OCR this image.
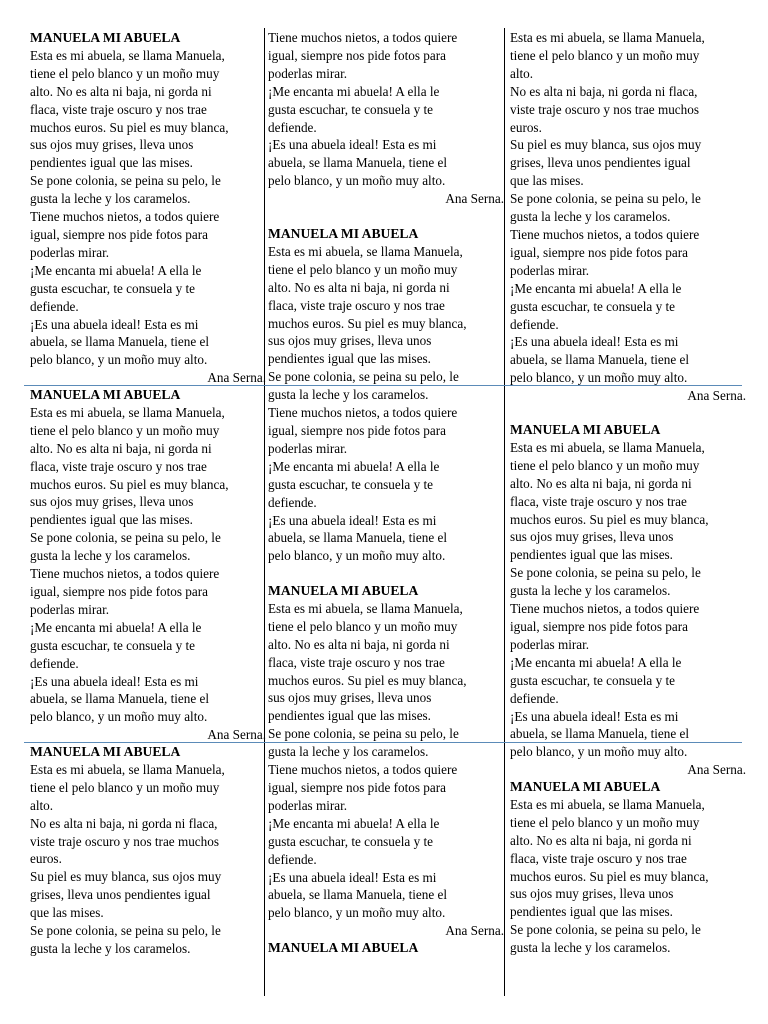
MANUELA MI ABUELA
Esta es mi abuela, se llama Manuela,
tiene el pelo blanco y un moño muy
alto. No es alta ni baja, ni gorda ni
flaca, viste traje oscuro y nos trae
muchos euros. Su piel es muy blanca,
sus ojos muy grises, lleva unos
pendientes igual que las mises.
Se pone colonia, se peina su pelo, le
gusta la leche y los caramelos.
Tiene muchos nietos, a todos quiere
igual, siempre nos pide fotos para
poderlas mirar.
¡Me encanta mi abuela! A ella le
gusta escuchar, te consuela y te
defiende.
¡Es una abuela ideal! Esta es mi
abuela, se llama Manuela, tiene el
pelo blanco, y un moño muy alto.
Ana Serna.
MANUELA MI ABUELA
Esta es mi abuela, se llama Manuela,
tiene el pelo blanco y un moño muy
alto. No es alta ni baja, ni gorda ni
flaca, viste traje oscuro y nos trae
muchos euros. Su piel es muy blanca,
sus ojos muy grises, lleva unos
pendientes igual que las mises.
Se pone colonia, se peina su pelo, le
gusta la leche y los caramelos.
Tiene muchos nietos, a todos quiere
igual, siempre nos pide fotos para
poderlas mirar.
¡Me encanta mi abuela! A ella le
gusta escuchar, te consuela y te
defiende.
¡Es una abuela ideal! Esta es mi
abuela, se llama Manuela, tiene el
pelo blanco, y un moño muy alto.
Ana Serna.
MANUELA MI ABUELA
Esta es mi abuela, se llama Manuela,
tiene el pelo blanco y un moño muy
alto.
No es alta ni baja, ni gorda ni flaca,
viste traje oscuro y nos trae muchos
euros.
Su piel es muy blanca, sus ojos muy
grises, lleva unos pendientes igual
que las mises.
Se pone colonia, se peina su pelo, le
gusta la leche y los caramelos.
Tiene muchos nietos, a todos quiere
igual, siempre nos pide fotos para
poderlas mirar.
¡Me encanta mi abuela! A ella le
gusta escuchar, te consuela y te
defiende.
¡Es una abuela ideal! Esta es mi
abuela, se llama Manuela, tiene el
pelo blanco, y un moño muy alto.
Ana Serna.
MANUELA MI ABUELA
Esta es mi abuela, se llama Manuela,
tiene el pelo blanco y un moño muy
alto. No es alta ni baja, ni gorda ni
flaca, viste traje oscuro y nos trae
muchos euros. Su piel es muy blanca,
sus ojos muy grises, lleva unos
pendientes igual que las mises.
Se pone colonia, se peina su pelo, le
gusta la leche y los caramelos.
Tiene muchos nietos, a todos quiere
igual, siempre nos pide fotos para
poderlas mirar.
¡Me encanta mi abuela! A ella le
gusta escuchar, te consuela y te
defiende.
¡Es una abuela ideal! Esta es mi
abuela, se llama Manuela, tiene el
pelo blanco, y un moño muy alto.
MANUELA MI ABUELA
Esta es mi abuela, se llama Manuela,
tiene el pelo blanco y un moño muy
alto. No es alta ni baja, ni gorda ni
flaca, viste traje oscuro y nos trae
muchos euros. Su piel es muy blanca,
sus ojos muy grises, lleva unos
pendientes igual que las mises.
Se pone colonia, se peina su pelo, le
gusta la leche y los caramelos.
Tiene muchos nietos, a todos quiere
igual, siempre nos pide fotos para
poderlas mirar.
¡Me encanta mi abuela! A ella le
gusta escuchar, te consuela y te
defiende.
¡Es una abuela ideal! Esta es mi
abuela, se llama Manuela, tiene el
pelo blanco, y un moño muy alto.
Ana Serna.
MANUELA MI ABUELA
Esta es mi abuela, se llama Manuela,
tiene el pelo blanco y un moño muy
alto.
No es alta ni baja, ni gorda ni flaca,
viste traje oscuro y nos trae muchos
euros.
Su piel es muy blanca, sus ojos muy
grises, lleva unos pendientes igual
que las mises.
Se pone colonia, se peina su pelo, le
gusta la leche y los caramelos.
Tiene muchos nietos, a todos quiere
igual, siempre nos pide fotos para
poderlas mirar.
¡Me encanta mi abuela! A ella le
gusta escuchar, te consuela y te
defiende.
¡Es una abuela ideal! Esta es mi
abuela, se llama Manuela, tiene el
pelo blanco, y un moño muy alto.
Ana Serna.
MANUELA MI ABUELA
Esta es mi abuela, se llama Manuela,
tiene el pelo blanco y un moño muy
alto. No es alta ni baja, ni gorda ni
flaca, viste traje oscuro y nos trae
muchos euros. Su piel es muy blanca,
sus ojos muy grises, lleva unos
pendientes igual que las mises.
Se pone colonia, se peina su pelo, le
gusta la leche y los caramelos.
Tiene muchos nietos, a todos quiere
igual, siempre nos pide fotos para
poderlas mirar.
¡Me encanta mi abuela! A ella le
gusta escuchar, te consuela y te
defiende.
¡Es una abuela ideal! Esta es mi
abuela, se llama Manuela, tiene el
pelo blanco, y un moño muy alto.
Ana Serna.
MANUELA MI ABUELA
Esta es mi abuela, se llama Manuela,
tiene el pelo blanco y un moño muy
alto. No es alta ni baja, ni gorda ni
flaca, viste traje oscuro y nos trae
muchos euros. Su piel es muy blanca,
sus ojos muy grises, lleva unos
pendientes igual que las mises.
Se pone colonia, se peina su pelo, le
gusta la leche y los caramelos.
